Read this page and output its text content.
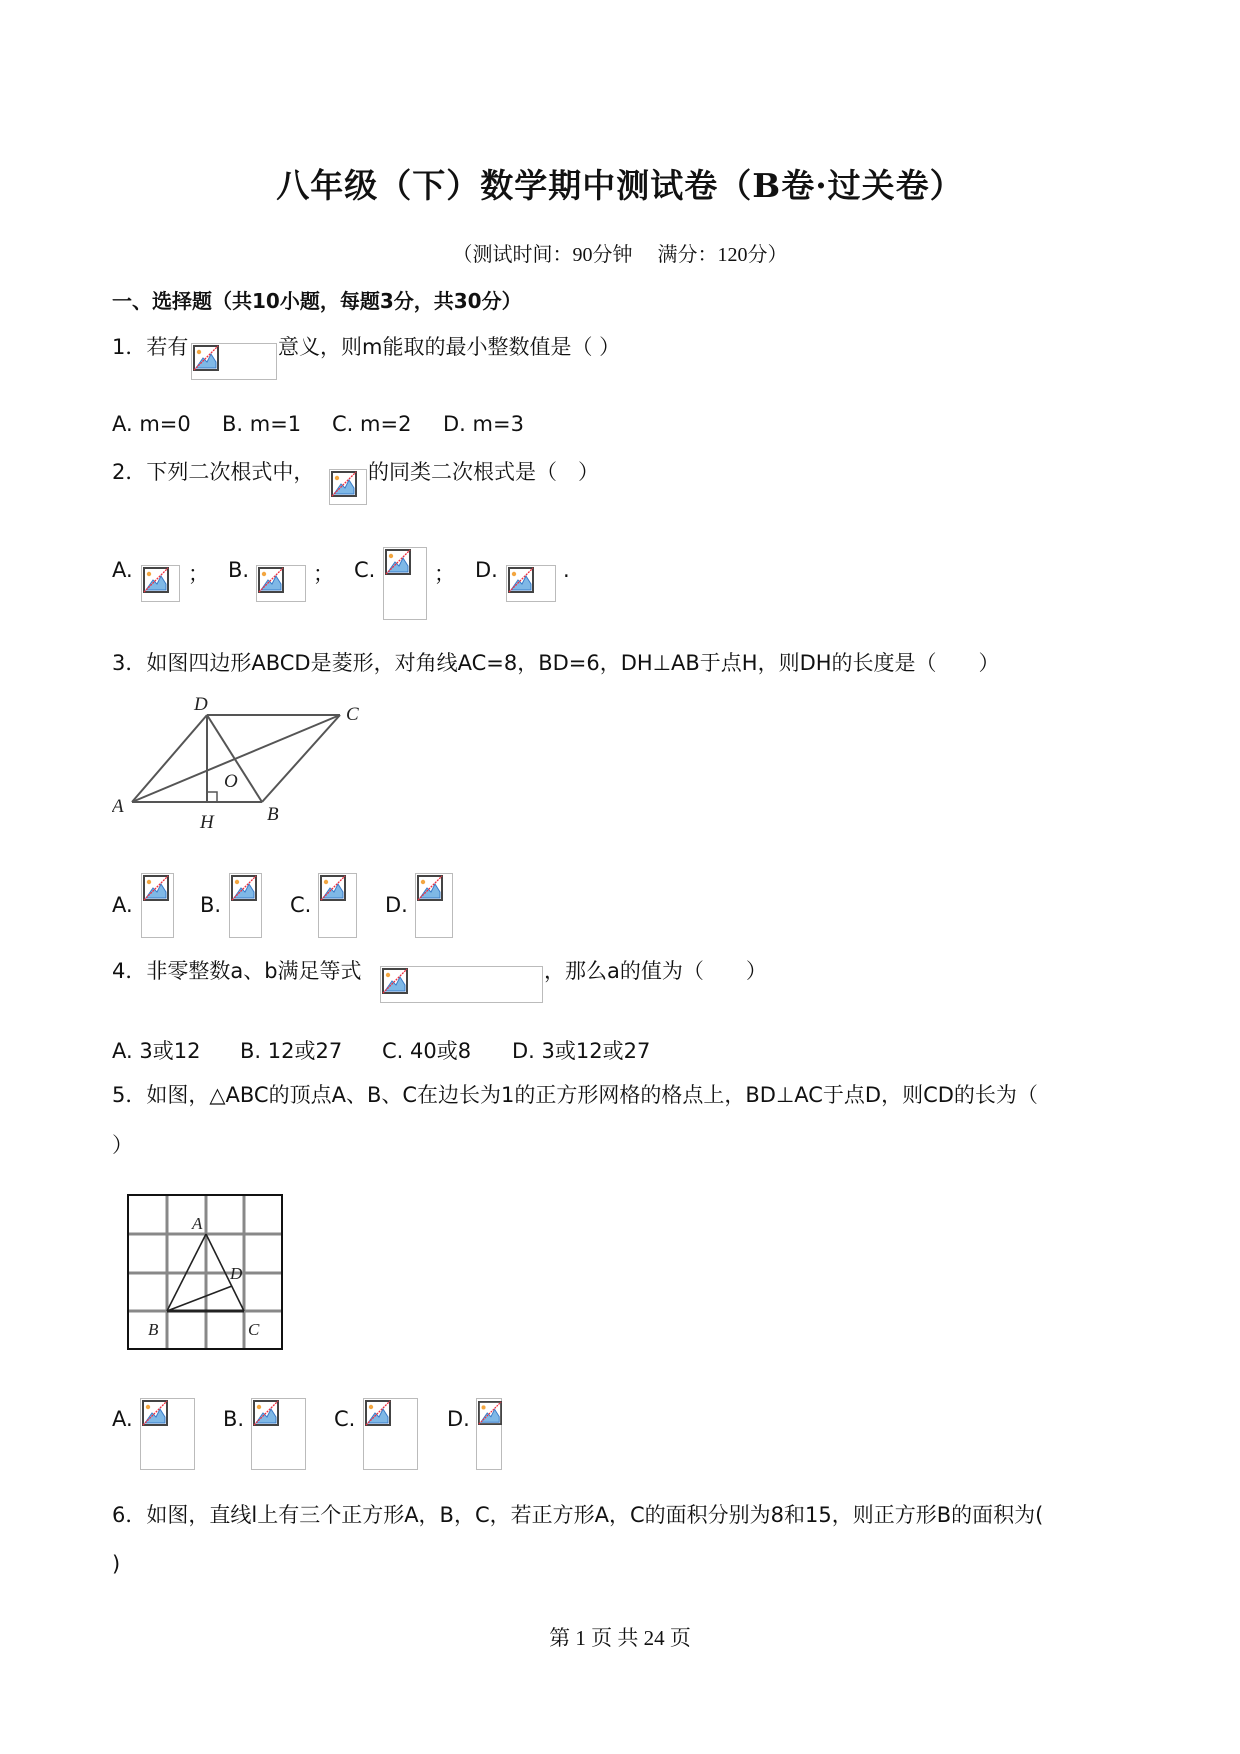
八年级（下）数学期中测试卷（B卷·过关卷）
（测试时间：90分钟　 满分：120分）
一、选择题（共10小题，每题3分，共30分）
1．若有	意义，则m能取的最小整数值是（ ）
A. m=0 B. m=1 C. m=2 D. m=3
2．下列二次根式中，	的同类二次根式是（　）
A.	； B.	； C.	； D.	.
3．如图四边形ABCD是菱形，对角线AC=8，BD=6，DH⊥AB于点H，则DH的长度是（　　）
D	C
A	B
O
H
A.	B.	C.	D.
4．非零整数a、b满足等式	，那么a的值为（　　）
A. 3或12 B. 12或27 C. 40或8 D. 3或12或27
5．如图，△ABC的顶点A、B、C在边长为1的正方形网格的格点上，BD⊥AC于点D，则CD的长为（
）
A
D
B	C
A.	B.	C.	D.
6．如图，直线l上有三个正方形A，B，C，若正方形A，C的面积分别为8和15，则正方形B的面积为(
)
第 1 页 共 24 页
